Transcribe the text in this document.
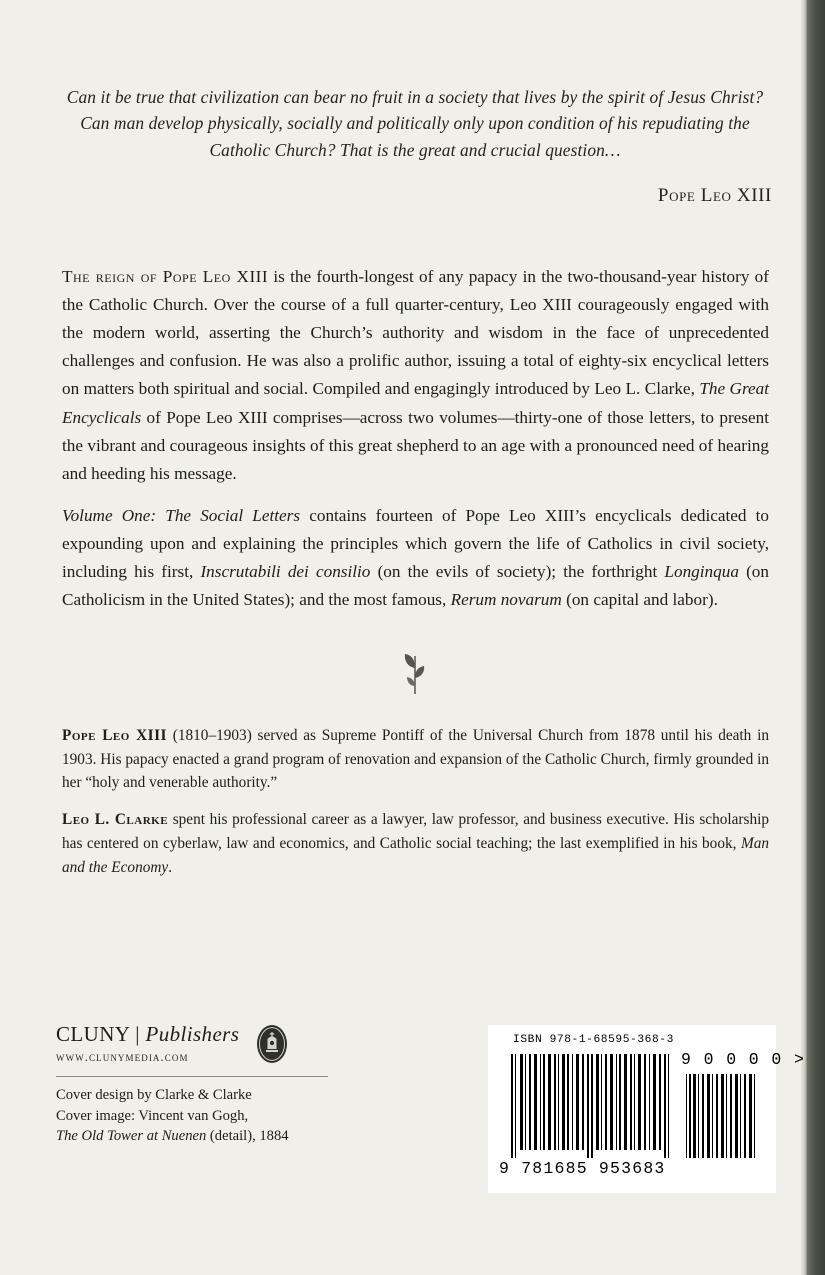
Can it be true that civilization can bear no fruit in a society that lives by the spirit of Jesus Christ? Can man develop physically, socially and politically only upon condition of his repudiating the Catholic Church? That is the great and crucial question…
Pope Leo XIII

The reign of Pope Leo XIII is the fourth-longest of any papacy in the two-thousand-year history of the Catholic Church. Over the course of a full quarter-century, Leo XIII courageously engaged with the modern world, asserting the Church’s authority and wisdom in the face of unprecedented challenges and confusion. He was also a prolific author, issuing a total of eighty-six encyclical letters on matters both spiritual and social. Compiled and engagingly introduced by Leo L. Clarke, The Great Encyclicals of Pope Leo XIII comprises—across two volumes—thirty-one of those letters, to present the vibrant and courageous insights of this great shepherd to an age with a pronounced need of hearing and heeding his message.

Volume One: The Social Letters contains fourteen of Pope Leo XIII’s encyclicals dedicated to expounding upon and explaining the principles which govern the life of Catholics in civil society, including his first, Inscrutabili dei consilio (on the evils of society); the forthright Longinqua (on Catholicism in the United States); and the most famous, Rerum novarum (on capital and labor).

Pope Leo XIII (1810–1903) served as Supreme Pontiff of the Universal Church from 1878 until his death in 1903. His papacy enacted a grand program of renovation and expansion of the Catholic Church, firmly grounded in her “holy and venerable authority.”

Leo L. Clarke spent his professional career as a lawyer, law professor, and business executive. His scholarship has centered on cyberlaw, law and economics, and Catholic social teaching; the last exemplified in his book, Man and the Economy.

CLUNY | Publishers
www.clunymedia.com
Cover design by Clarke & Clarke
Cover image: Vincent van Gogh,
The Old Tower at Nuenen (detail), 1884
ISBN 978-1-68595-368-3
9 781685 953683
9 0 0 0 0 >
